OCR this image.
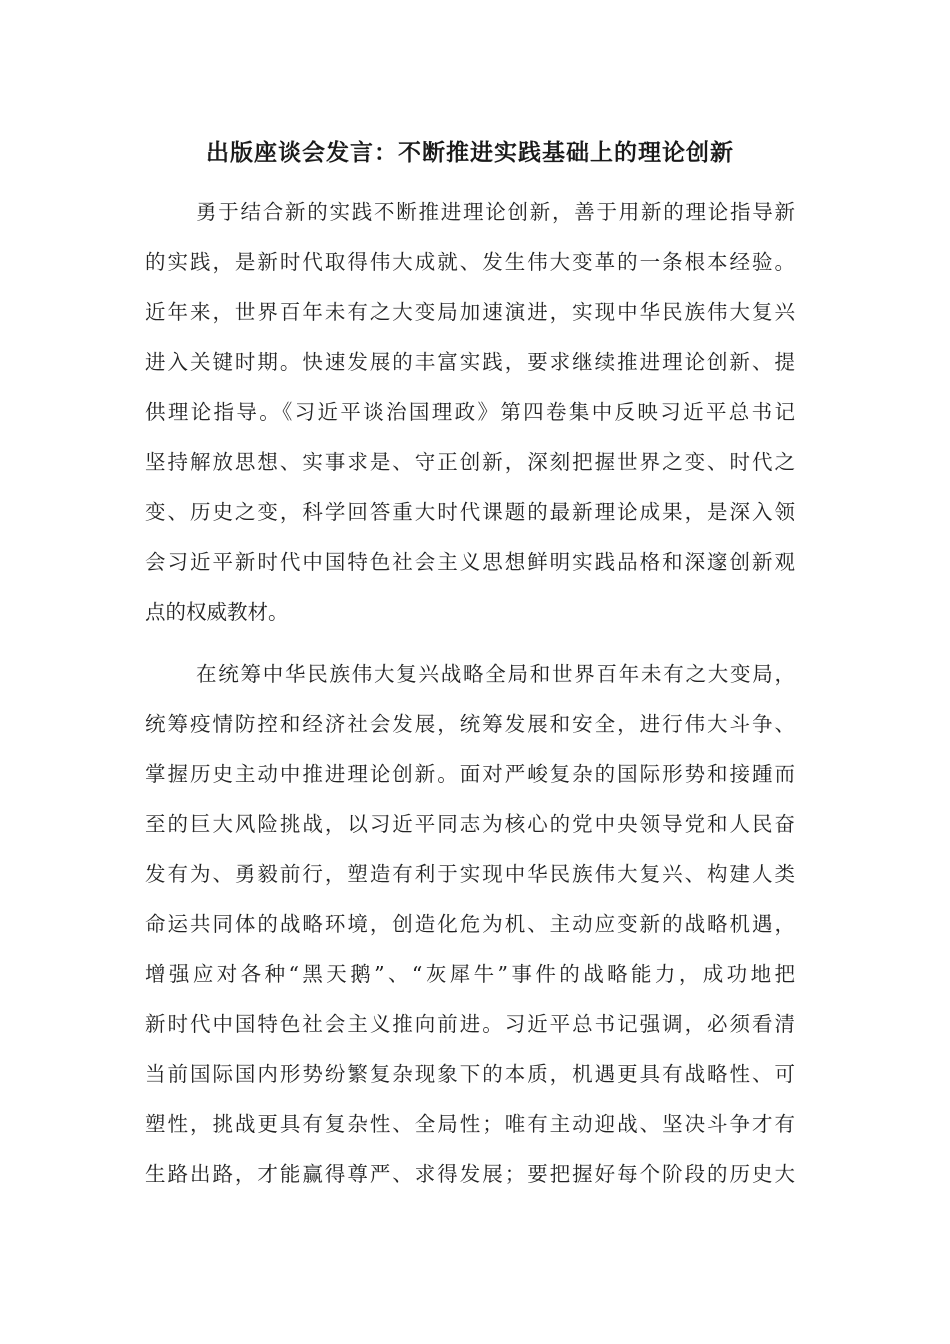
出版座谈会发言：不断推进实践基础上的理论创新
勇于结合新的实践不断推进理论创新，善于用新的理论指导新
的实践，是新时代取得伟大成就、发生伟大变革的一条根本经验。
近年来，世界百年未有之大变局加速演进，实现中华民族伟大复兴
进入关键时期。快速发展的丰富实践，要求继续推进理论创新、提
供理论指导。《习近平谈治国理政》第四卷集中反映习近平总书记
坚持解放思想、实事求是、守正创新，深刻把握世界之变、时代之
变、历史之变，科学回答重大时代课题的最新理论成果，是深入领
会习近平新时代中国特色社会主义思想鲜明实践品格和深邃创新观
点的权威教材。
在统筹中华民族伟大复兴战略全局和世界百年未有之大变局，
统筹疫情防控和经济社会发展，统筹发展和安全，进行伟大斗争、
掌握历史主动中推进理论创新。面对严峻复杂的国际形势和接踵而
至的巨大风险挑战，以习近平同志为核心的党中央领导党和人民奋
发有为、勇毅前行，塑造有利于实现中华民族伟大复兴、构建人类
命运共同体的战略环境，创造化危为机、主动应变新的战略机遇，
增强应对各种“黑天鹅”、“灰犀牛”事件的战略能力，成功地把
新时代中国特色社会主义推向前进。习近平总书记强调，必须看清
当前国际国内形势纷繁复杂现象下的本质，机遇更具有战略性、可
塑性，挑战更具有复杂性、全局性；唯有主动迎战、坚决斗争才有
生路出路，才能赢得尊严、求得发展；要把握好每个阶段的历史大
